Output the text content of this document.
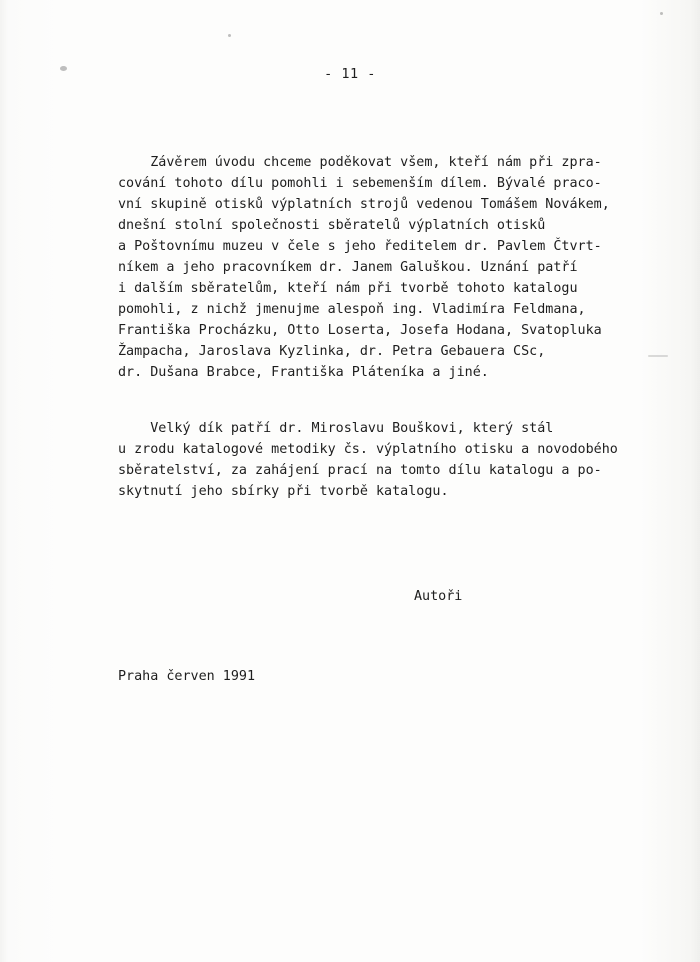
- 11 -
Závěrem úvodu chceme poděkovat všem, kteří nám při zpra-
cování tohoto dílu pomohli i sebemenším dílem. Bývalé praco-
vní skupině otisků výplatních strojů vedenou Tomášem Novákem,
dnešní stolní společnosti sběratelů výplatních otisků
a Poštovnímu muzeu v čele s jeho ředitelem dr. Pavlem Čtvrt-
níkem a jeho pracovníkem dr. Janem Galuškou. Uznání patří
i dalším sběratelům, kteří nám při tvorbě tohoto katalogu
pomohli, z nichž jmenujme alespoň ing. Vladimíra Feldmana,
Františka Procházku, Otto Loserta, Josefa Hodana, Svatopluka
Žampacha, Jaroslava Kyzlinka, dr. Petra Gebauera CSc,
dr. Dušana Brabce, Františka Pláteníka a jiné.
Velký dík patří dr. Miroslavu Bouškovi, který stál
u zrodu katalogové metodiky čs. výplatního otisku a novodobého
sběratelství, za zahájení prací na tomto dílu katalogu a po-
skytnutí jeho sbírky při tvorbě katalogu.
Autoři
Praha červen 1991
